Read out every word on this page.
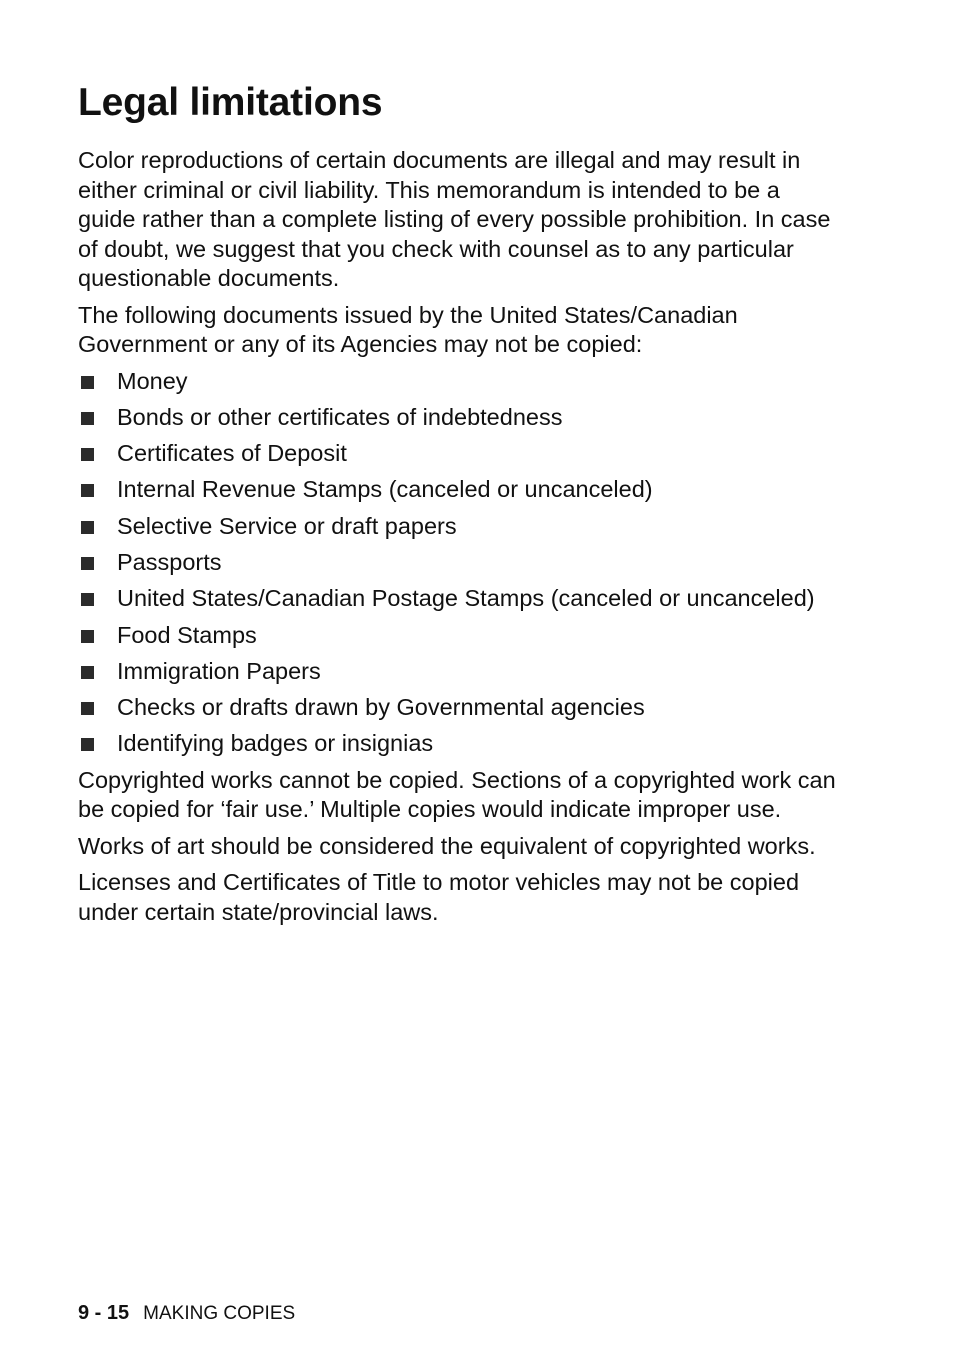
Legal limitations

Color reproductions of certain documents are illegal and may result in either criminal or civil liability. This memorandum is intended to be a guide rather than a complete listing of every possible prohibition. In case of doubt, we suggest that you check with counsel as to any particular questionable documents.

The following documents issued by the United States/Canadian Government or any of its Agencies may not be copied:

Money
Bonds or other certificates of indebtedness
Certificates of Deposit
Internal Revenue Stamps (canceled or uncanceled)
Selective Service or draft papers
Passports
United States/Canadian Postage Stamps (canceled or uncanceled)
Food Stamps
Immigration Papers
Checks or drafts drawn by Governmental agencies
Identifying badges or insignias

Copyrighted works cannot be copied. Sections of a copyrighted work can be copied for ‘fair use.’ Multiple copies would indicate improper use.

Works of art should be considered the equivalent of copyrighted works.

Licenses and Certificates of Title to motor vehicles may not be copied under certain state/provincial laws.

9 - 15 MAKING COPIES
